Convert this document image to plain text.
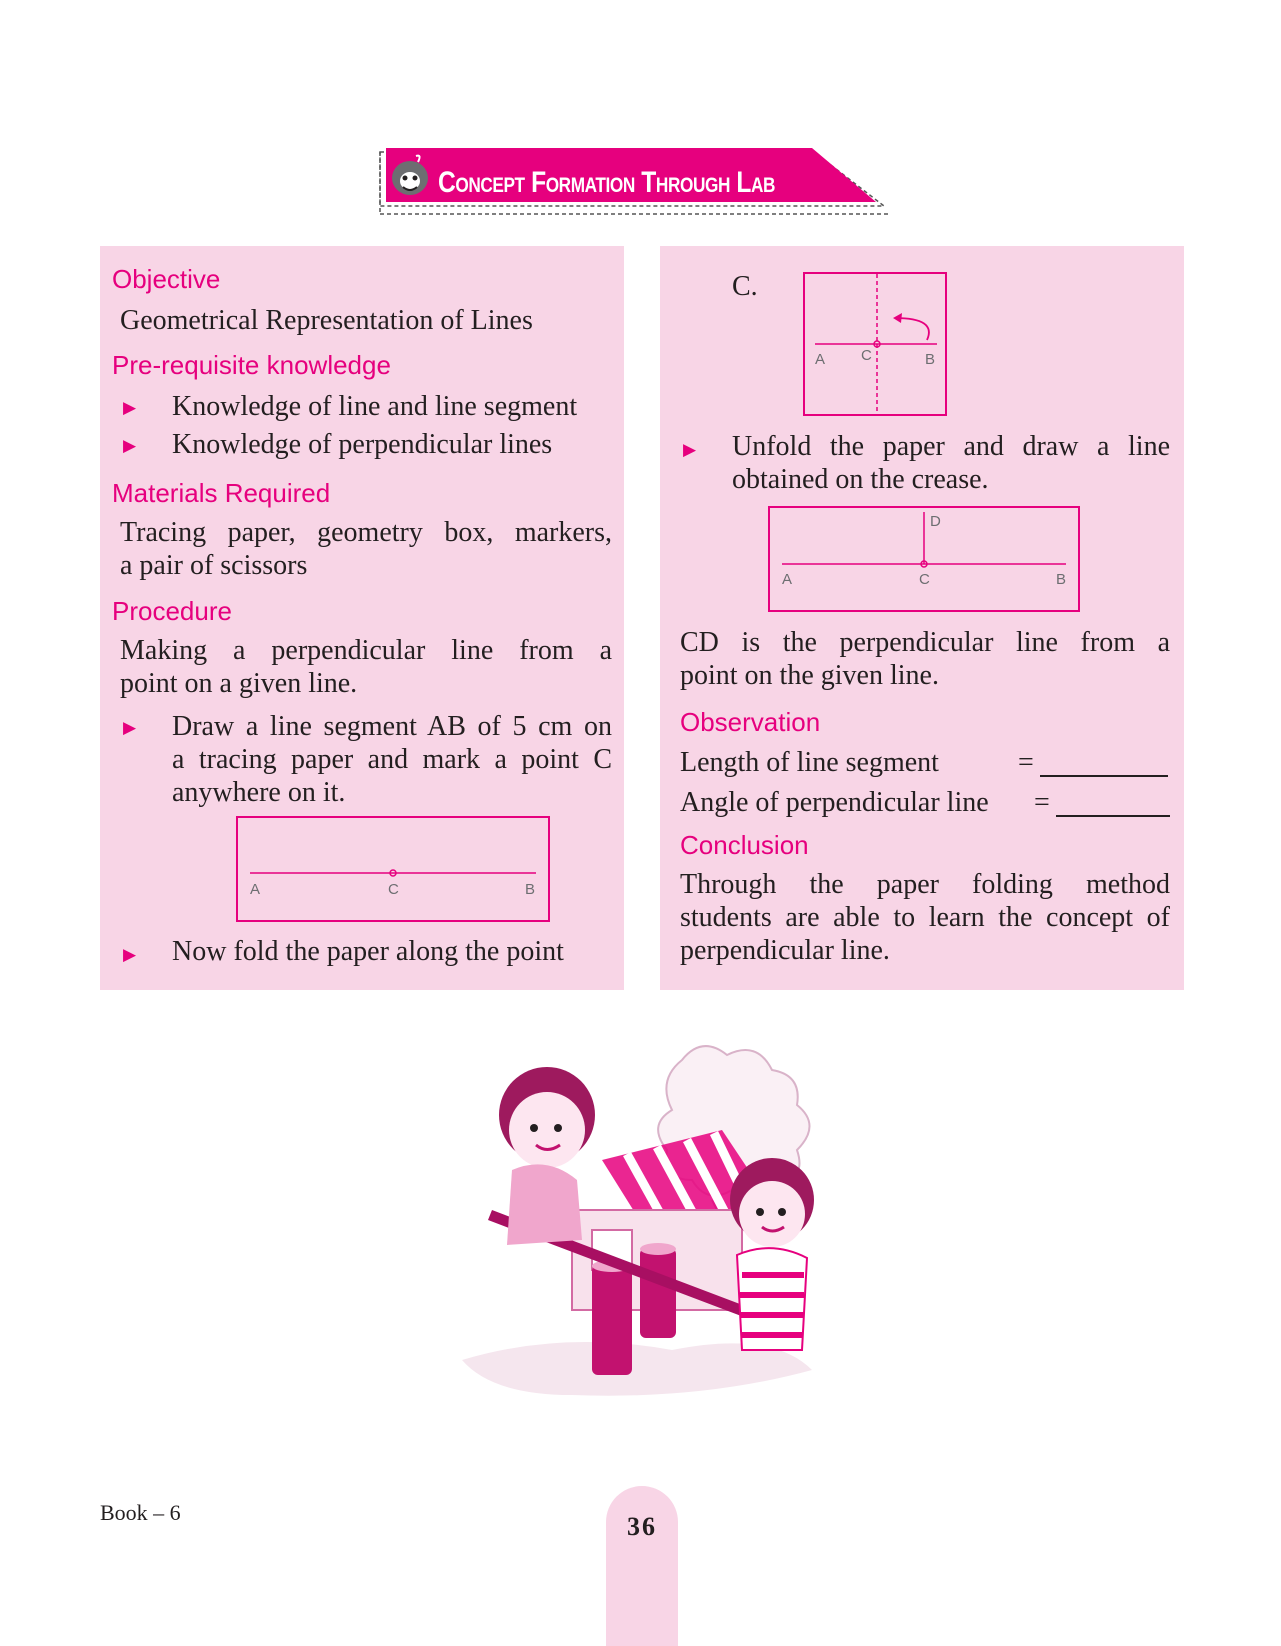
Concept Formation Through Lab
Objective
Geometrical Representation of Lines
Pre-requisite knowledge
▶ Knowledge of line and line segment
▶ Knowledge of perpendicular lines
Materials Required
Tracing paper, geometry box, markers,
a pair of scissors
Procedure
Making a perpendicular line from a
point on a given line.
▶ Draw a line segment AB of 5 cm on
a tracing paper and mark a point C
anywhere on it.
A	C	B
▶ Now fold the paper along the point
C.
A C	B
▶ Unfold the paper and draw a line
obtained on the crease.
A	C	B
D
CD is the perpendicular line from a
point on the given line.
Observation
Length of line segment	=
Angle of perpendicular line =
Conclusion
Through the paper folding method
students are able to learn the concept of
perpendicular line.
Book – 6	36
